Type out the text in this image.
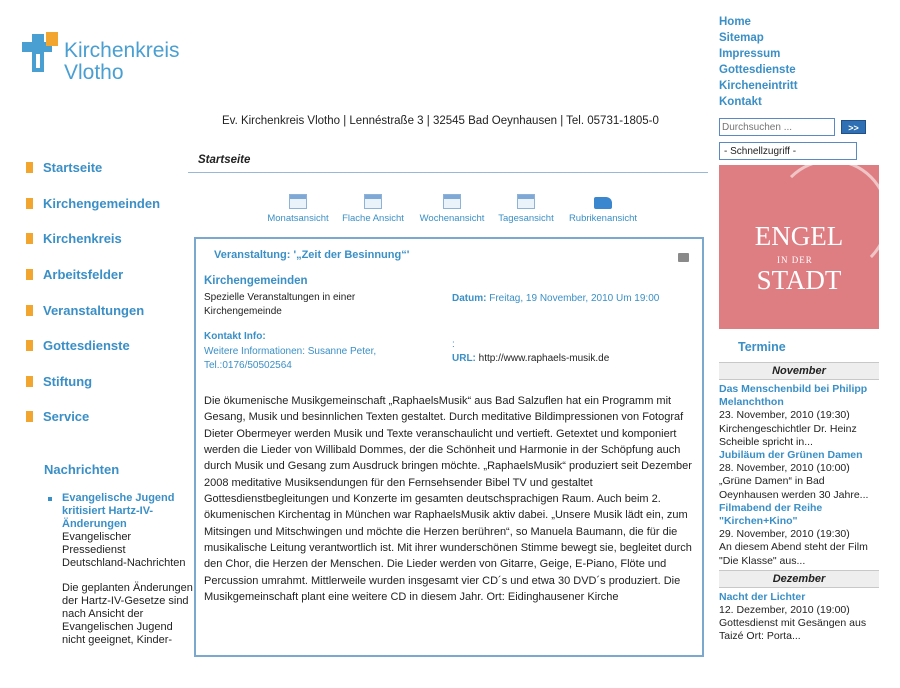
Kirchenkreis
Vlotho
Home
Sitemap
Impressum
Gottesdienste
Kircheneintritt
Kontakt
Ev. Kirchenkreis Vlotho | Lennéstraße 3 | 32545 Bad Oeynhausen | Tel. 05731-1805-0
Durchsuchen ...
>>
- Schnellzugriff -
Startseite
Kirchengemeinden
Kirchenkreis
Arbeitsfelder
Veranstaltungen
Gottesdienste
Stiftung
Service
Nachrichten
Evangelische Jugend kritisiert Hartz-IV-Änderungen
Evangelischer Pressedienst Deutschland-Nachrichten
Die geplanten Änderungen der Hartz-IV-Gesetze sind nach Ansicht der Evangelischen Jugend nicht geeignet, Kinder-
Startseite
Monatsansicht	Flache Ansicht	Wochenansicht	Tagesansicht	Rubrikenansicht
Veranstaltung: '„Zeit der Besinnung“'
Kirchengemeinden
Spezielle Veranstaltungen in einer Kirchengemeinde
Datum: Freitag, 19 November, 2010 Um 19:00
Kontakt Info:
Weitere Informationen: Susanne Peter, Tel.:0176/50502564
:
URL: http://www.raphaels-musik.de
Die ökumenische Musikgemeinschaft „RaphaelsMusik“ aus Bad Salzuflen hat ein Programm mit Gesang, Musik und besinnlichen Texten gestaltet. Durch meditative Bildimpressionen von Fotograf Dieter Obermeyer werden Musik und Texte veranschaulicht und vertieft. Getextet und komponiert werden die Lieder von Willibald Dommes, der die Schönheit und Harmonie in der Schöpfung auch durch Musik und Gesang zum Ausdruck bringen möchte. „RaphaelsMusik“ produziert seit Dezember 2008 meditative Musiksendungen für den Fernsehsender Bibel TV und gestaltet Gottesdienstbegleitungen und Konzerte im gesamten deutschsprachigen Raum. Auch beim 2. ökumenischen Kirchentag in München war RaphaelsMusik aktiv dabei. „Unsere Musik lädt ein, zum Mitsingen und Mitschwingen und möchte die Herzen berühren“, so Manuela Baumann, die für die musikalische Leitung verantwortlich ist. Mit ihrer wunderschönen Stimme bewegt sie, begleitet durch den Chor, die Herzen der Menschen. Die Lieder werden von Gitarre, Geige, E-Piano, Flöte und Percussion umrahmt. Mittlerweile wurden insgesamt vier CD´s und etwa 30 DVD´s produziert. Die Musikgemeinschaft plant eine weitere CD in diesem Jahr. Ort: Eidinghausener Kirche
ENGEL
IN DER
STADT
Termine
November
Das Menschenbild bei Philipp Melanchthon
23. November, 2010 (19:30)
Kirchengeschichtler Dr. Heinz Scheible spricht in...
Jubiläum der Grünen Damen
28. November, 2010 (10:00)
„Grüne Damen“ in Bad Oeynhausen werden 30 Jahre...
Filmabend der Reihe "Kirchen+Kino"
29. November, 2010 (19:30)
An diesem Abend steht der Film "Die Klasse" aus...
Dezember
Nacht der Lichter
12. Dezember, 2010 (19:00)
Gottesdienst mit Gesängen aus Taizé Ort: Porta...
